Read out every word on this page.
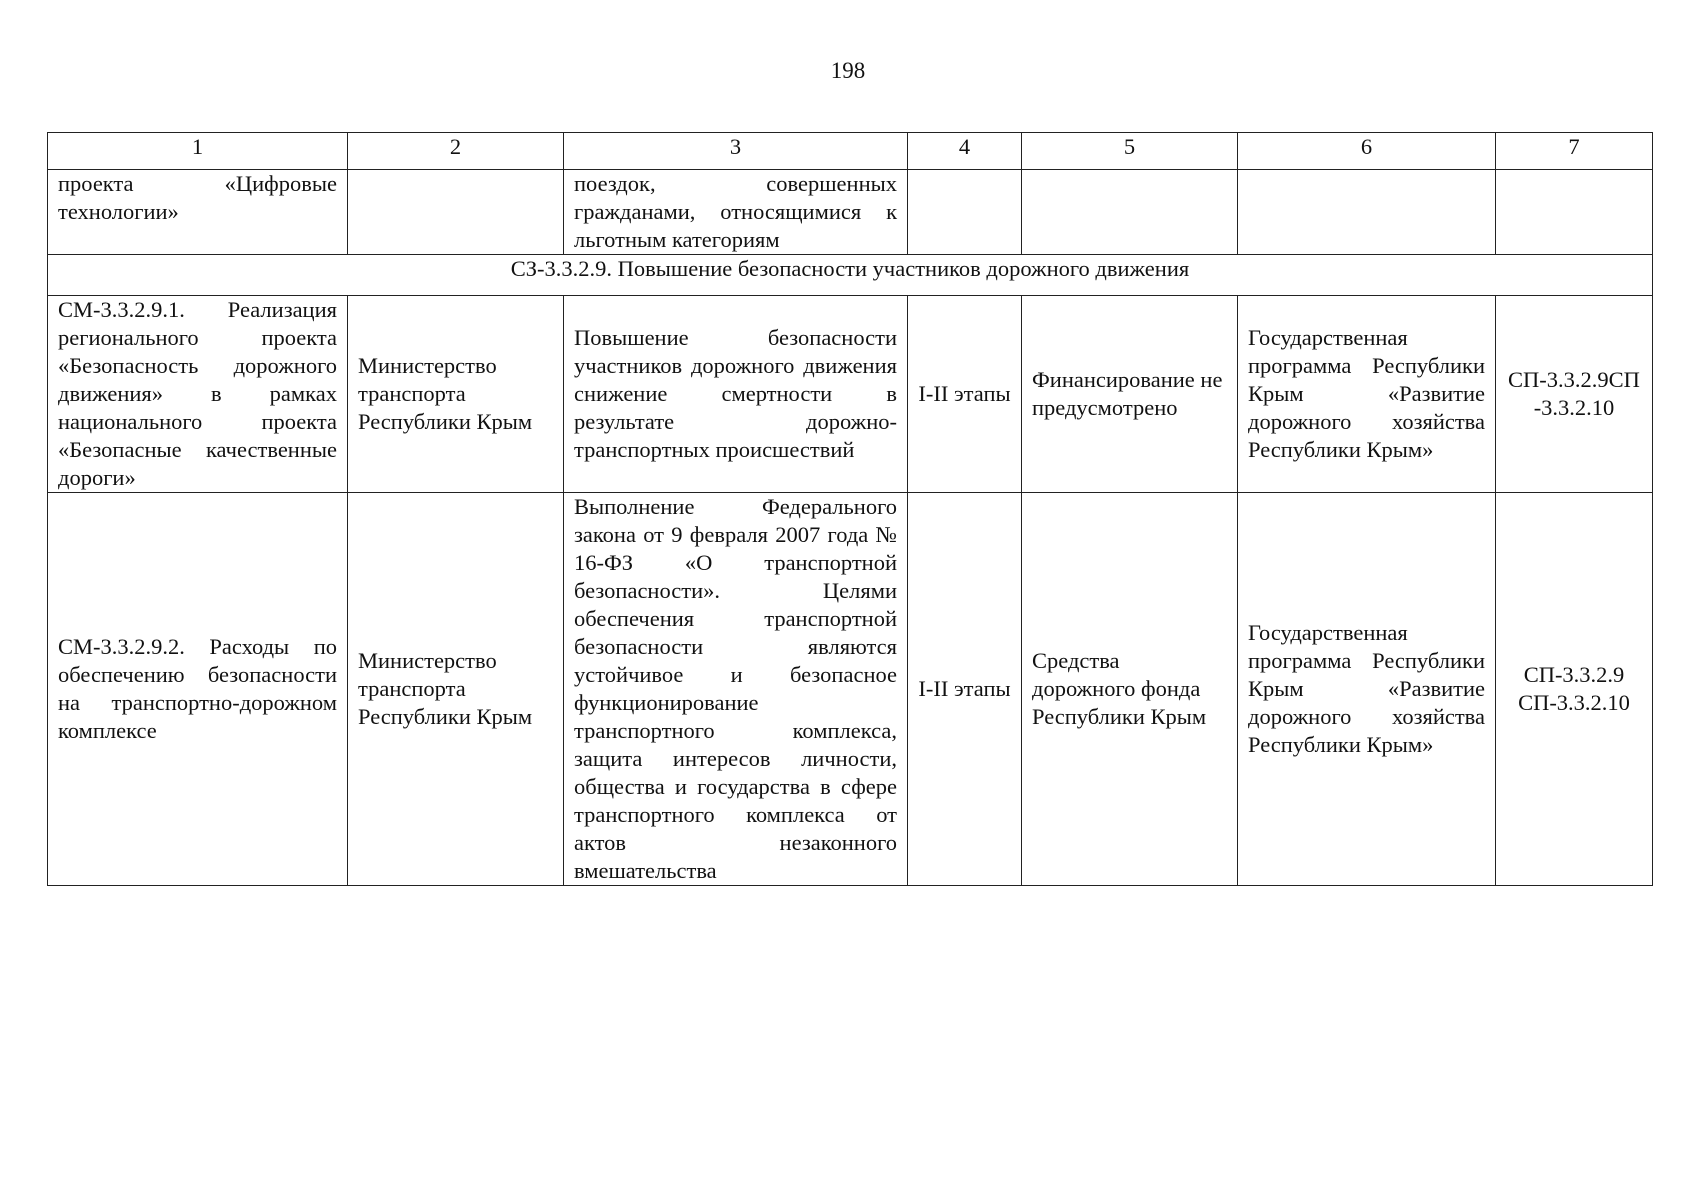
198
1	2	3	4	5	6	7
проекта «Цифровые технологии»		поездок, совершенных гражданами, относящимися к льготным категориям				
СЗ-3.3.2.9. Повышение безопасности участников дорожного движения						
СМ-3.3.2.9.1. Реализация регионального проекта «Безопасность дорожного движения» в рамках национального проекта «Безопасные качественные дороги»	Министерство транспорта Республики Крым	Повышение безопасности участников дорожного движения снижение смертности в результате дорожно-транспортных происшествий	I-II этапы	Финансирование не предусмотрено	Государственная программа Республики Крым «Развитие дорожного хозяйства Республики Крым»	СП-3.3.2.9СП-3.3.2.10
СМ-3.3.2.9.2. Расходы по обеспечению безопасности на транспортно-дорожном комплексе	Министерство транспорта Республики Крым	Выполнение Федерального закона от 9 февраля 2007 года № 16-ФЗ «О транспортной безопасности». Целями обеспечения транспортной безопасности являются устойчивое и безопасное функционирование транспортного комплекса, защита интересов личности, общества и государства в сфере транспортного комплекса от актов незаконного вмешательства	I-II этапы	Средства дорожного фонда Республики Крым	Государственная программа Республики Крым «Развитие дорожного хозяйства Республики Крым»	СП-3.3.2.9 СП-3.3.2.10
